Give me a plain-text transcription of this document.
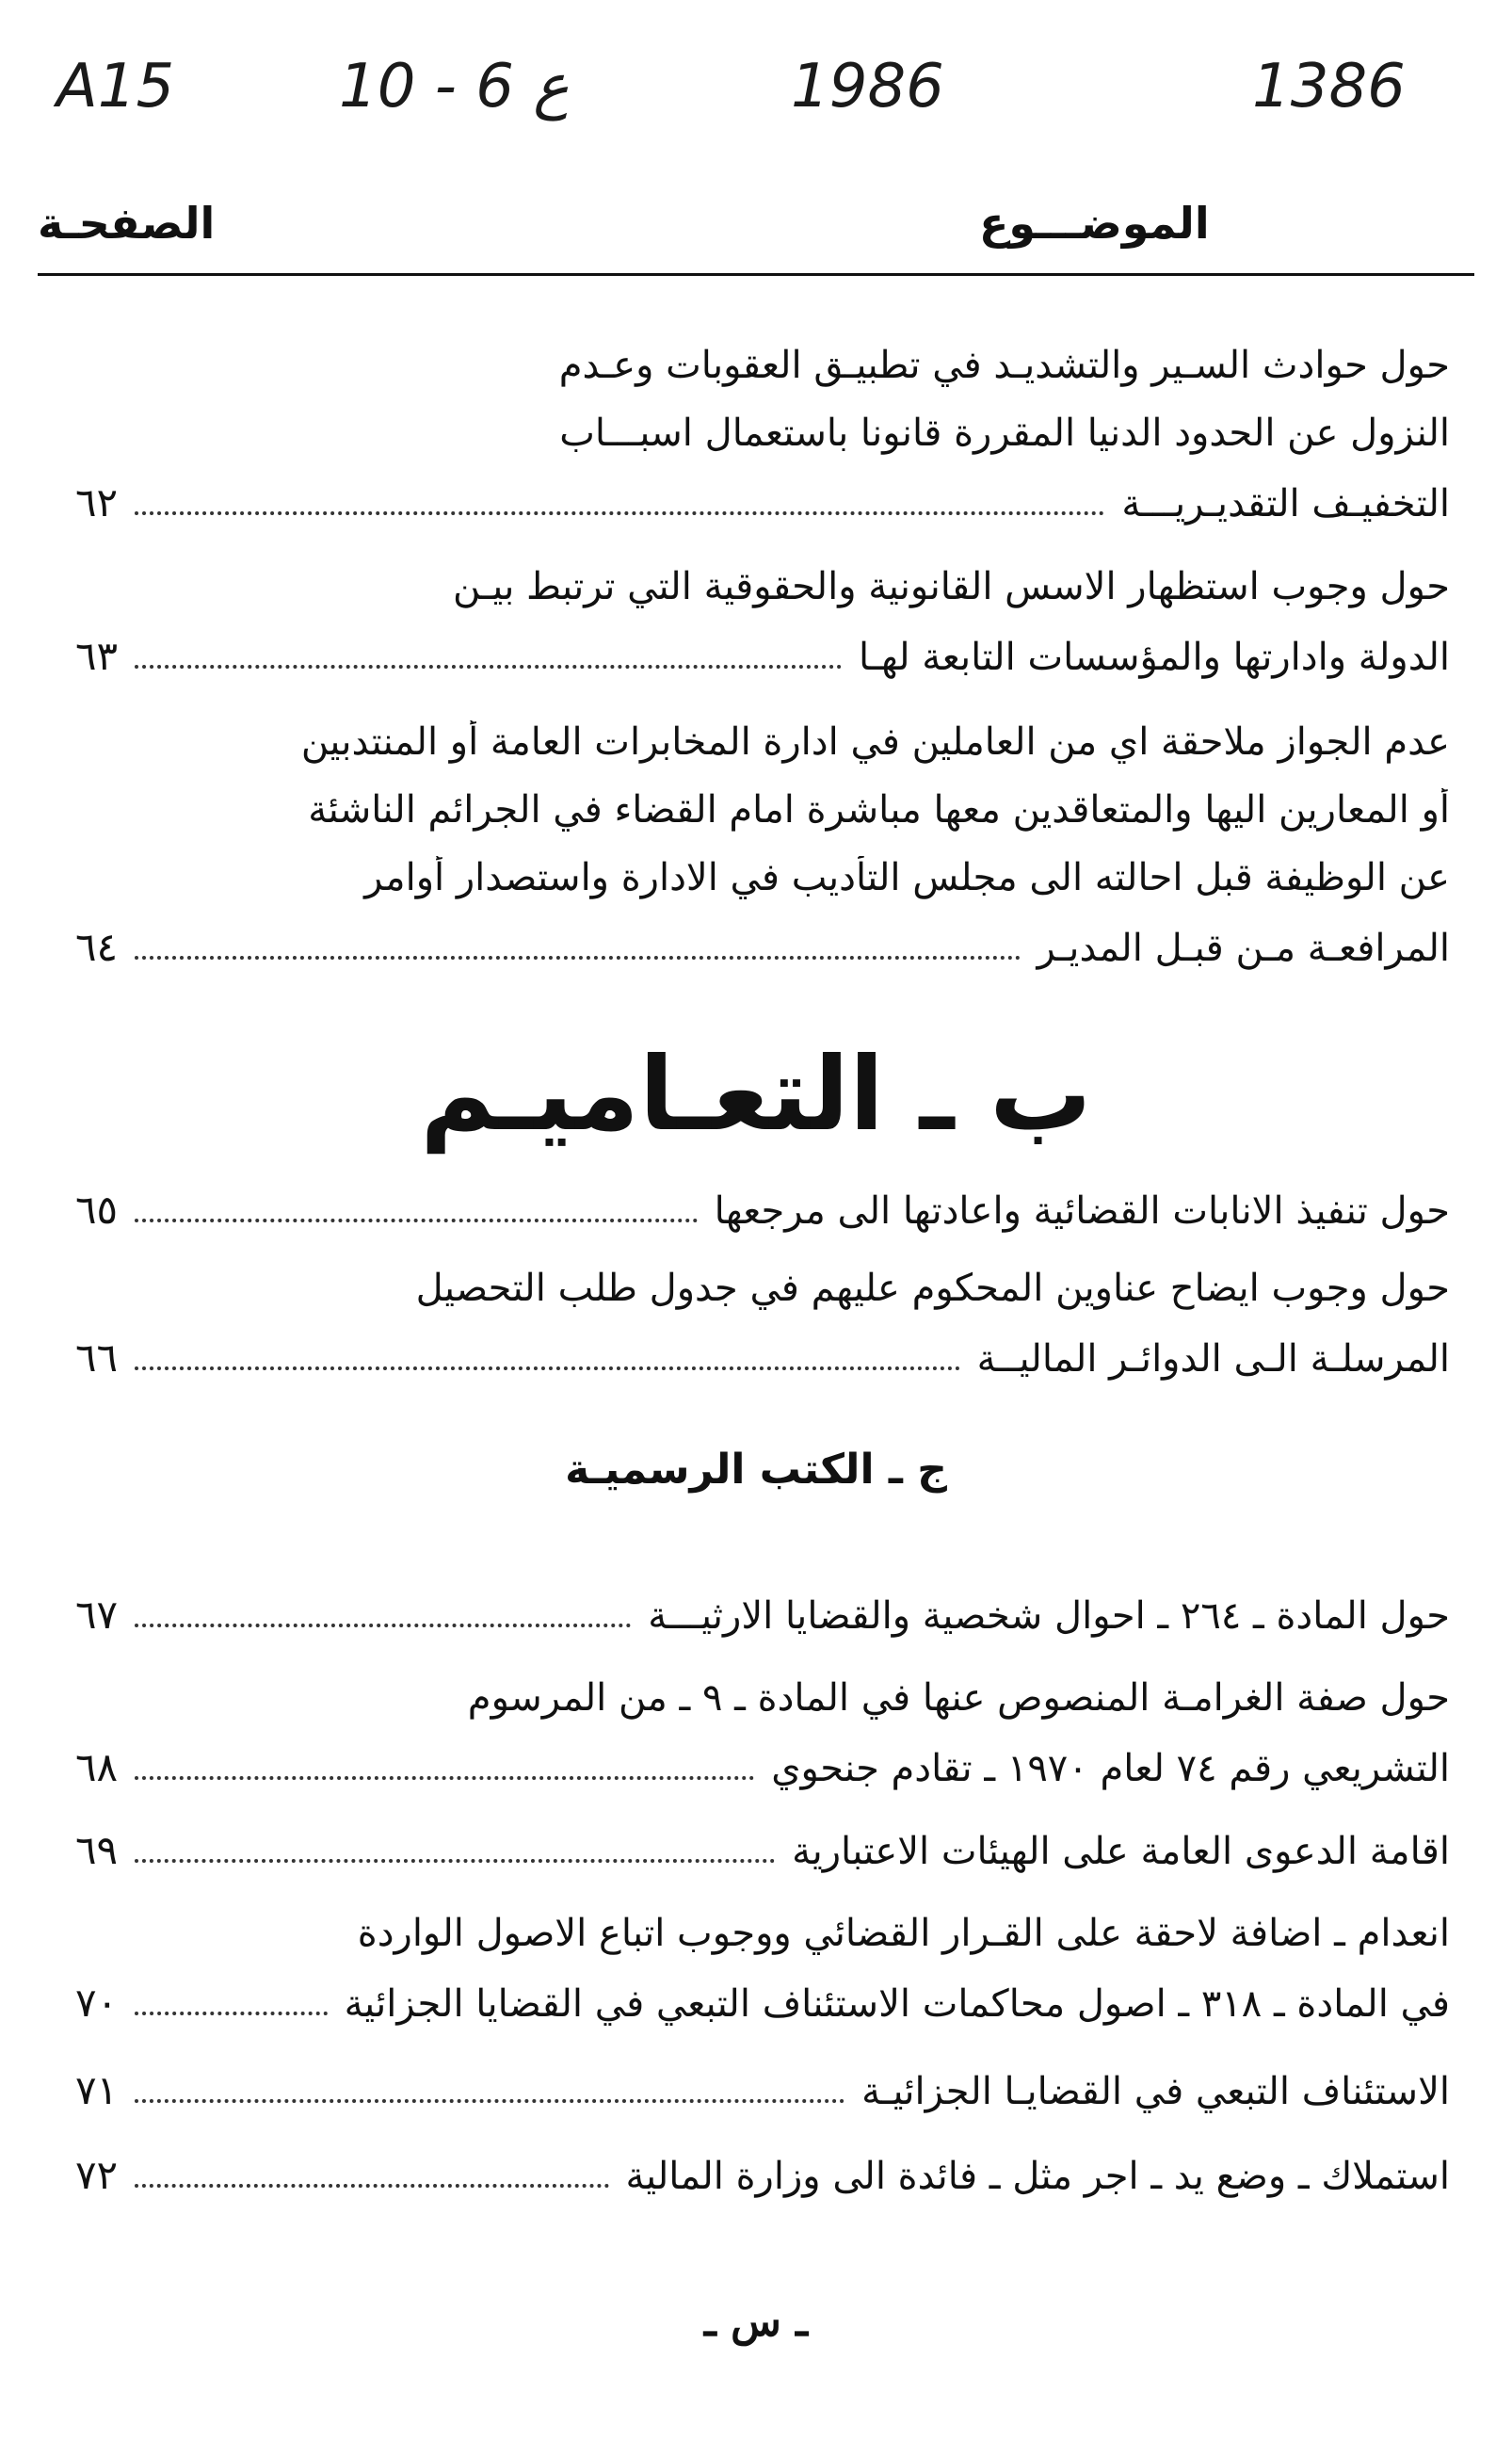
A15	10 - 6 ع	1986	1386
الصفحـة	الموضـــوع
حول حوادث السـير والتشديـد في تطبيـق العقوبات وعـدم
النزول عن الحدود الدنيا المقررة قانونا باستعمال اسبـــاب
التخفيـف التقديـريـــة
٦٢
حول وجوب استظهار الاسس القانونية والحقوقية التي ترتبط بيـن
الدولة وادارتها والمؤسسات التابعة لهـا
٦٣
عدم الجواز ملاحقة اي من العاملين في ادارة المخابرات العامة أو المنتدبين
أو المعارين اليها والمتعاقدين معها مباشرة امام القضاء في الجرائم الناشئة
عن الوظيفة قبل احالته الى مجلس التأديب في الادارة واستصدار أوامر
المرافعـة مـن قبـل المديـر
٦٤
ب ـ التعـاميـم
حول تنفيذ الانابات القضائية واعادتها الى مرجعها
٦٥
حول وجوب ايضاح عناوين المحكوم عليهم في جدول طلب التحصيل
المرسلـة الـى الدوائـر الماليــة
٦٦
ج ـ الكتب الرسميـة
حول المادة ـ ٢٦٤ ـ احوال شخصية والقضايا الارثيـــة
٦٧
حول صفة الغرامـة المنصوص عنها في المادة ـ ٩ ـ من المرسوم
التشريعي رقم ٧٤ لعام ١٩٧٠ ـ تقادم جنحوي
٦٨
اقامة الدعوى العامة على الهيئات الاعتبارية
٦٩
انعدام ـ اضافة لاحقة على القـرار القضائي ووجوب اتباع الاصول الواردة
في المادة ـ ٣١٨ ـ اصول محاكمات الاستئناف التبعي في القضايا الجزائية
٧٠
الاستئناف التبعي في القضايـا الجزائيـة
٧١
استملاك ـ وضع يد ـ اجر مثل ـ فائدة الى وزارة المالية
٧٢
ـ س ـ
